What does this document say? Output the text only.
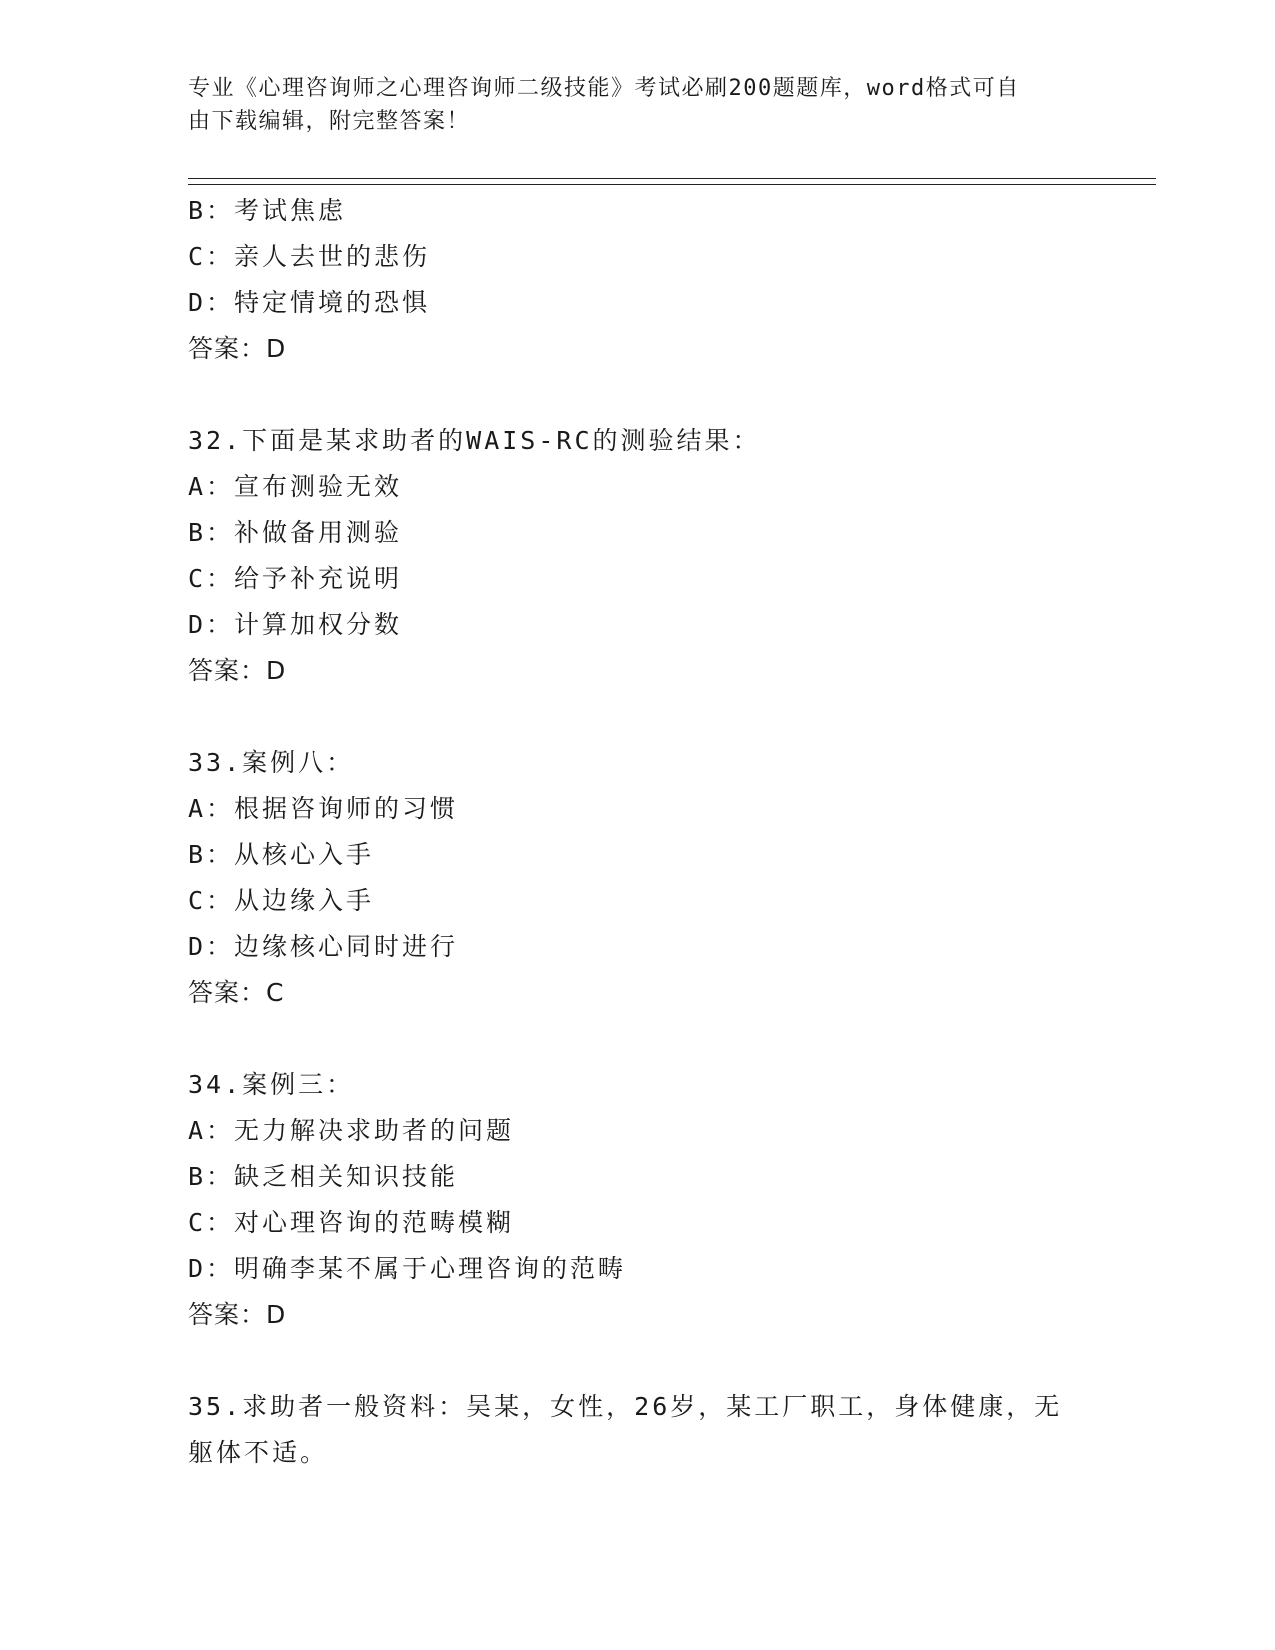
专业《心理咨询师之心理咨询师二级技能》考试必刷200题题库，word格式可自
由下载编辑，附完整答案！
B：考试焦虑
C：亲人去世的悲伤
D：特定情境的恐惧
答案：D
32.下面是某求助者的WAIS-RC的测验结果：
A：宣布测验无效
B：补做备用测验
C：给予补充说明
D：计算加权分数
答案：D
33.案例八：
A：根据咨询师的习惯
B：从核心入手
C：从边缘入手
D：边缘核心同时进行
答案：C
34.案例三：
A：无力解决求助者的问题
B：缺乏相关知识技能
C：对心理咨询的范畴模糊
D：明确李某不属于心理咨询的范畴
答案：D
35.求助者一般资料：吴某，女性，26岁，某工厂职工，身体健康，无
躯体不适。
